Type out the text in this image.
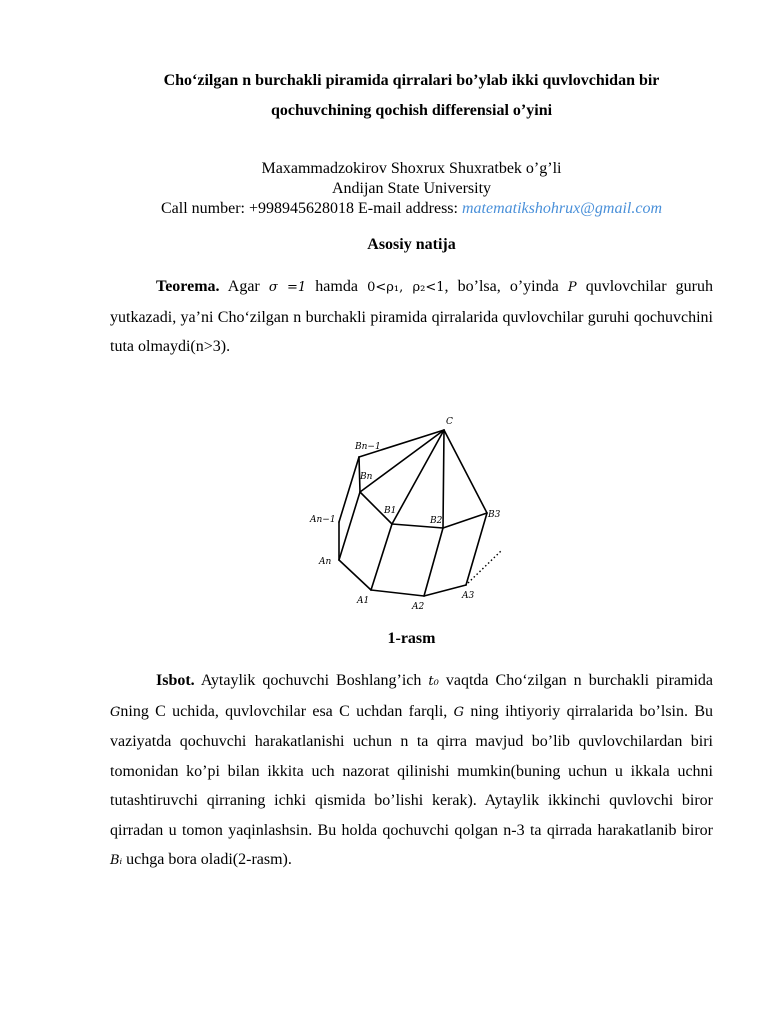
Cho‘zilgan n burchakli piramida qirralari bo’ylab ikki quvlovchidan bir
qochuvchining qochish differensial o’yini
Maxammadzokirov Shoxrux Shuxratbek o’g’li
Andijan State University
Call number: +998945628018 E-mail address: matematikshohrux@gmail.com
Asosiy natija
Teorema. Agar σ =1 hamda 0<ρ₁, ρ₂<1, bo’lsa, o’yinda P quvlovchilar guruh yutkazadi, ya’ni Cho‘zilgan n burchakli piramida qirralarida quvlovchilar guruhi qochuvchini tuta olmaydi(n>3).
C
Bn−1
Bn
B1
B2
B3
An−1
An
A1
A2
A3
1-rasm
Isbot. Aytaylik qochuvchi Boshlang’ich t₀ vaqtda Cho‘zilgan n burchakli piramida Gning C uchida, quvlovchilar esa C uchdan farqli, G ning ihtiyoriy qirralarida bo’lsin. Bu vaziyatda qochuvchi harakatlanishi uchun n ta qirra mavjud bo’lib quvlovchilardan biri tomonidan ko’pi bilan ikkita uch nazorat qilinishi mumkin(buning uchun u ikkala uchni tutashtiruvchi qirraning ichki qismida bo’lishi kerak). Aytaylik ikkinchi quvlovchi biror qirradan u tomon yaqinlashsin. Bu holda qochuvchi qolgan n-3 ta qirrada harakatlanib biror Bᵢ uchga bora oladi(2-rasm).
